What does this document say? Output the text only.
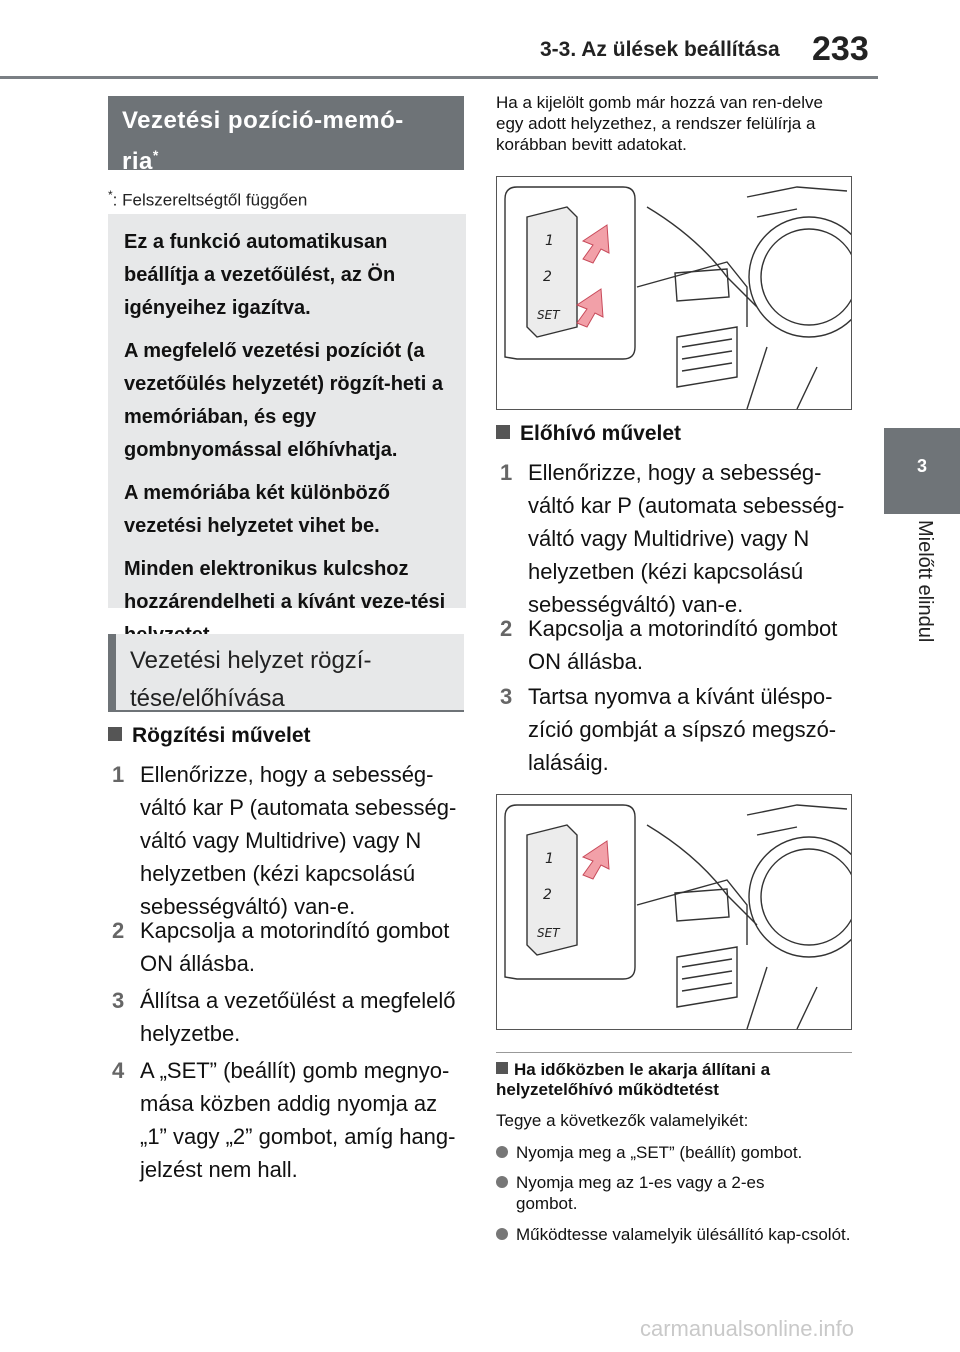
3-3. Az ülések beállítása 233
3
Mielőtt elindul
Vezetési pozíció-memó-
ria*
*: Felszereltségtől függően

Ez a funkció automatikusan beállítja a vezetőülést, az Ön igényeihez igazítva.

A megfelelő vezetési pozíciót (a vezetőülés helyzetét) rögzít-heti a memóriában, és egy gombnyomással előhívhatja.

A memóriába két különböző vezetési helyzetet vihet be.

Minden elektronikus kulcshoz hozzárendelheti a kívánt veze-tési

Vezetési helyzet rögzí-tése/előhívása
Rögzítési művelet
1 Ellenőrizze, hogy a sebesség-váltó kar P (automata sebesség-váltó vagy Multidrive) vagy N helyzetben (kézi kapcsolású sebességváltó) van-e.
2 Kapcsolja a motorindító gombot ON állásba.
3 Állítsa a vezetőülést a megfelelő helyzetbe.
4 A „SET” (beállít) gomb megnyo-mása közben addig nyomja az „1” vagy „2” gombot, amíg hang-jelzést nem hall.
Ha a kijelölt gomb már hozzá van ren-delve egy adott helyzethez, a rendszer felülírja a korábban bevitt adatokat.
1
2
SET
Előhívó művelet
1 Ellenőrizze, hogy a sebesség-váltó kar P (automata sebesség-váltó vagy Multidrive) vagy N helyzetben (kézi kapcsolású sebességváltó) van-e.
2 Kapcsolja a motorindító gombot ON állásba.
3 Tartsa nyomva a kívánt üléspo-zíció gombját a sípszó megszó-lalásáig.
1
2
SET
Ha időközben le akarja állítani a helyzetelőhívó működtetést
Tegye a következők valamelyikét:
Nyomja meg a „SET” (beállít) gombot.
Nyomja meg az 1-es vagy a 2-es gombot.
Működtesse valamelyik ülésállító kap-csolót.
carmanualsonline.info
